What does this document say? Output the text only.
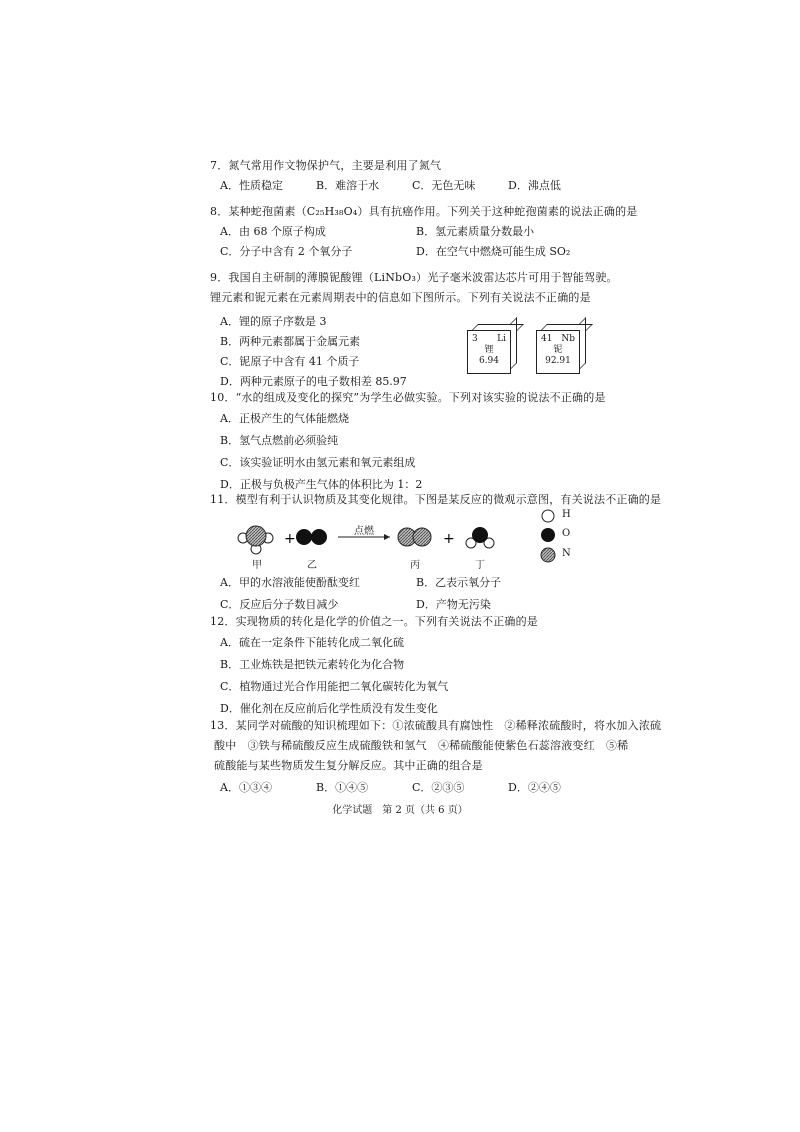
7．氮气常用作文物保护气，主要是利用了氮气
A．性质稳定	B．难溶于水	C．无色无味	D．沸点低
8．某种蛇孢菌素（C₂₅H₃₈O₄）具有抗癌作用。下列关于这种蛇孢菌素的说法正确的是
A．由 68 个原子构成	B．氢元素质量分数最小
C．分子中含有 2 个氧分子	D．在空气中燃烧可能生成 SO₂
9．我国自主研制的薄膜铌酸锂（LiNbO₃）光子毫米波雷达芯片可用于智能驾驶。锂元素和铌元素在元素周期表中的信息如下图所示。下列有关说法不正确的是
A．锂的原子序数是 3
B．两种元素都属于金属元素
C．铌原子中含有 41 个质子
D．两种元素原子的电子数相差 85.97
3 Li
锂
6.94
41 Nb
铌
92.91
10．“水的组成及变化的探究”为学生必做实验。下列对该实验的说法不正确的是
A．正极产生的气体能燃烧
B．氢气点燃前必须验纯
C．该实验证明水由氢元素和氧元素组成
D．正极与负极产生气体的体积比为 1：2
11．模型有利于认识物质及其变化规律。下图是某反应的微观示意图，有关说法不正确的是
+	+
点燃
甲	乙	丙	丁
H
O
N
A．甲的水溶液能使酚酞变红	B．乙表示氧分子
C．反应后分子数目减少	D．产物无污染
12．实现物质的转化是化学的价值之一。下列有关说法不正确的是
A．硫在一定条件下能转化成二氧化硫
B．工业炼铁是把铁元素转化为化合物
C．植物通过光合作用能把二氧化碳转化为氧气
D．催化剂在反应前后化学性质没有发生变化
13．某同学对硫酸的知识梳理如下：①浓硫酸具有腐蚀性　②稀释浓硫酸时，将水加入浓硫
酸中　③铁与稀硫酸反应生成硫酸铁和氢气　④稀硫酸能使紫色石蕊溶液变红　⑤稀
硫酸能与某些物质发生复分解反应。其中正确的组合是
A．①③④	B．①④⑤	C．②③⑤	D．②④⑤
化学试题　第 2 页（共 6 页）
